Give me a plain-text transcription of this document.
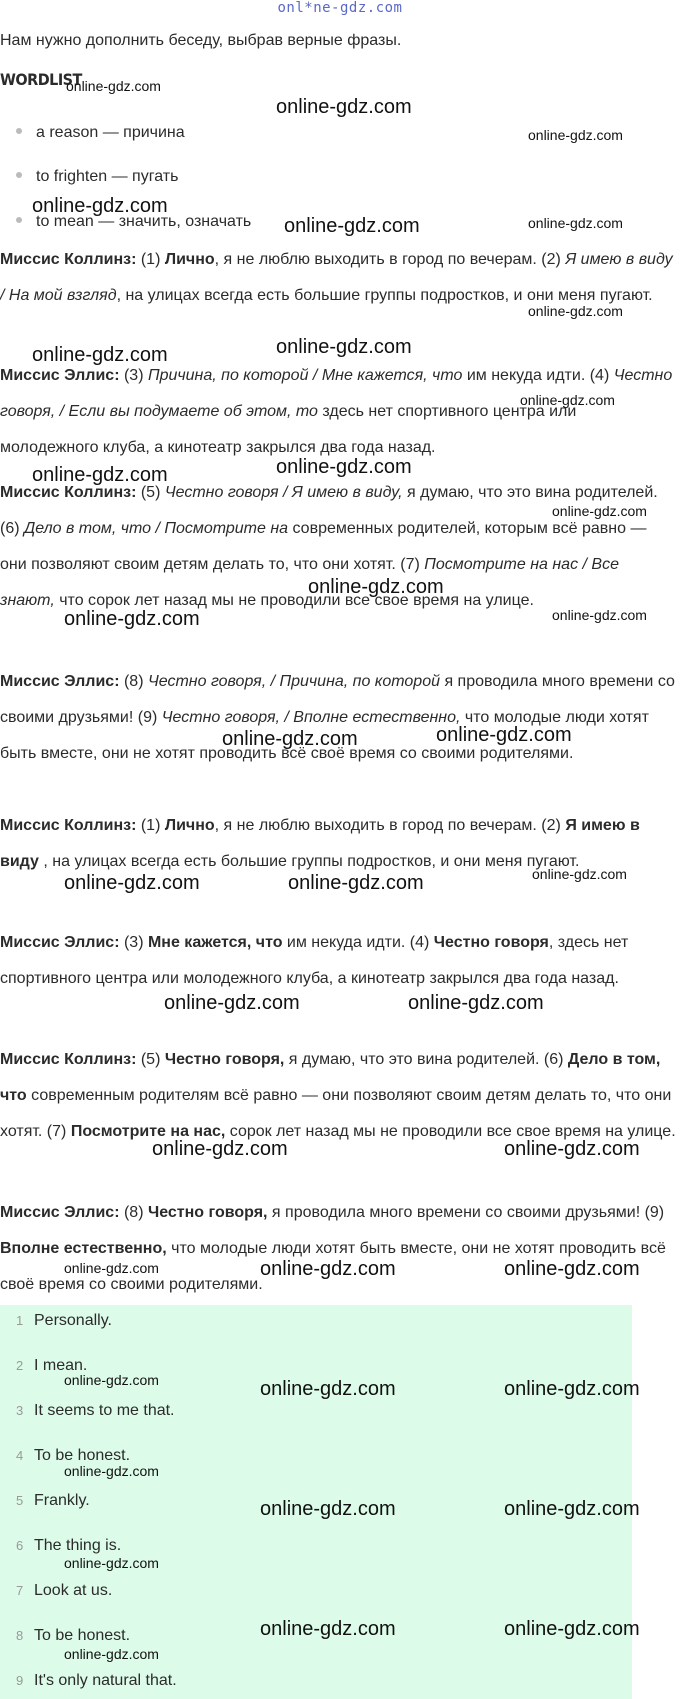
onl*ne-gdz.com
Нам нужно дополнить беседу, выбрав верные фразы.
WORDLIST
a reason — причина
to frighten — пугать
to mean — значить, означать
Миссис Коллинз: (1) Лично, я не люблю выходить в город по вечерам. (2) Я имею в виду / На мой взгляд, на улицах всегда есть большие группы подростков, и они меня пугают.
Миссис Эллис: (3) Причина, по которой / Мне кажется, что им некуда идти. (4) Честно говоря, / Если вы подумаете об этом, то здесь нет спортивного центра или молодежного клуба, а кинотеатр закрылся два года назад.
Миссис Коллинз: (5) Честно говоря / Я имею в виду, я думаю, что это вина родителей. (6) Дело в том, что / Посмотрите на современных родителей, которым всё равно — они позволяют своим детям делать то, что они хотят. (7) Посмотрите на нас / Все знают, что сорок лет назад мы не проводили все свое время на улице.
Миссис Эллис: (8) Честно говоря, / Причина, по которой я проводила много времени со своими друзьями! (9) Честно говоря, / Вполне естественно, что молодые люди хотят быть вместе, они не хотят проводить всё своё время со своими родителями.
Миссис Коллинз: (1) Лично, я не люблю выходить в город по вечерам. (2) Я имею в виду , на улицах всегда есть большие группы подростков, и они меня пугают.
Миссис Эллис: (3) Мне кажется, что им некуда идти. (4) Честно говоря, здесь нет спортивного центра или молодежного клуба, а кинотеатр закрылся два года назад.
Миссис Коллинз: (5) Честно говоря, я думаю, что это вина родителей. (6) Дело в том, что современным родителям всё равно — они позволяют своим детям делать то, что они хотят. (7) Посмотрите на нас, сорок лет назад мы не проводили все свое время на улице.
Миссис Эллис: (8) Честно говоря, я проводила много времени со своими друзьями! (9) Вполне естественно, что молодые люди хотят быть вместе, они не хотят проводить всё своё время со своими родителями.
1 Personally.
2 I mean.
3 It seems to me that.
4 To be honest.
5 Frankly.
6 The thing is.
7 Look at us.
8 To be honest.
9 It's only natural that.
online-gdz.com
online-gdz.com
online-gdz.com
online-gdz.com
online-gdz.com	online-gdz.com
online-gdz.com
online-gdz.com
online-gdz.com
online-gdz.com
online-gdz.com
online-gdz.com
online-gdz.com
online-gdz.com
online-gdz.com	online-gdz.com
online-gdz.com	online-gdz.com
online-gdz.com
online-gdz.com	online-gdz.com
online-gdz.com	online-gdz.com
online-gdz.com	online-gdz.com
online-gdz.com	online-gdz.com	online-gdz.com
online-gdz.com	online-gdz.com	online-gdz.com
online-gdz.com
online-gdz.com	online-gdz.com
online-gdz.com
online-gdz.com	online-gdz.com
online-gdz.com
